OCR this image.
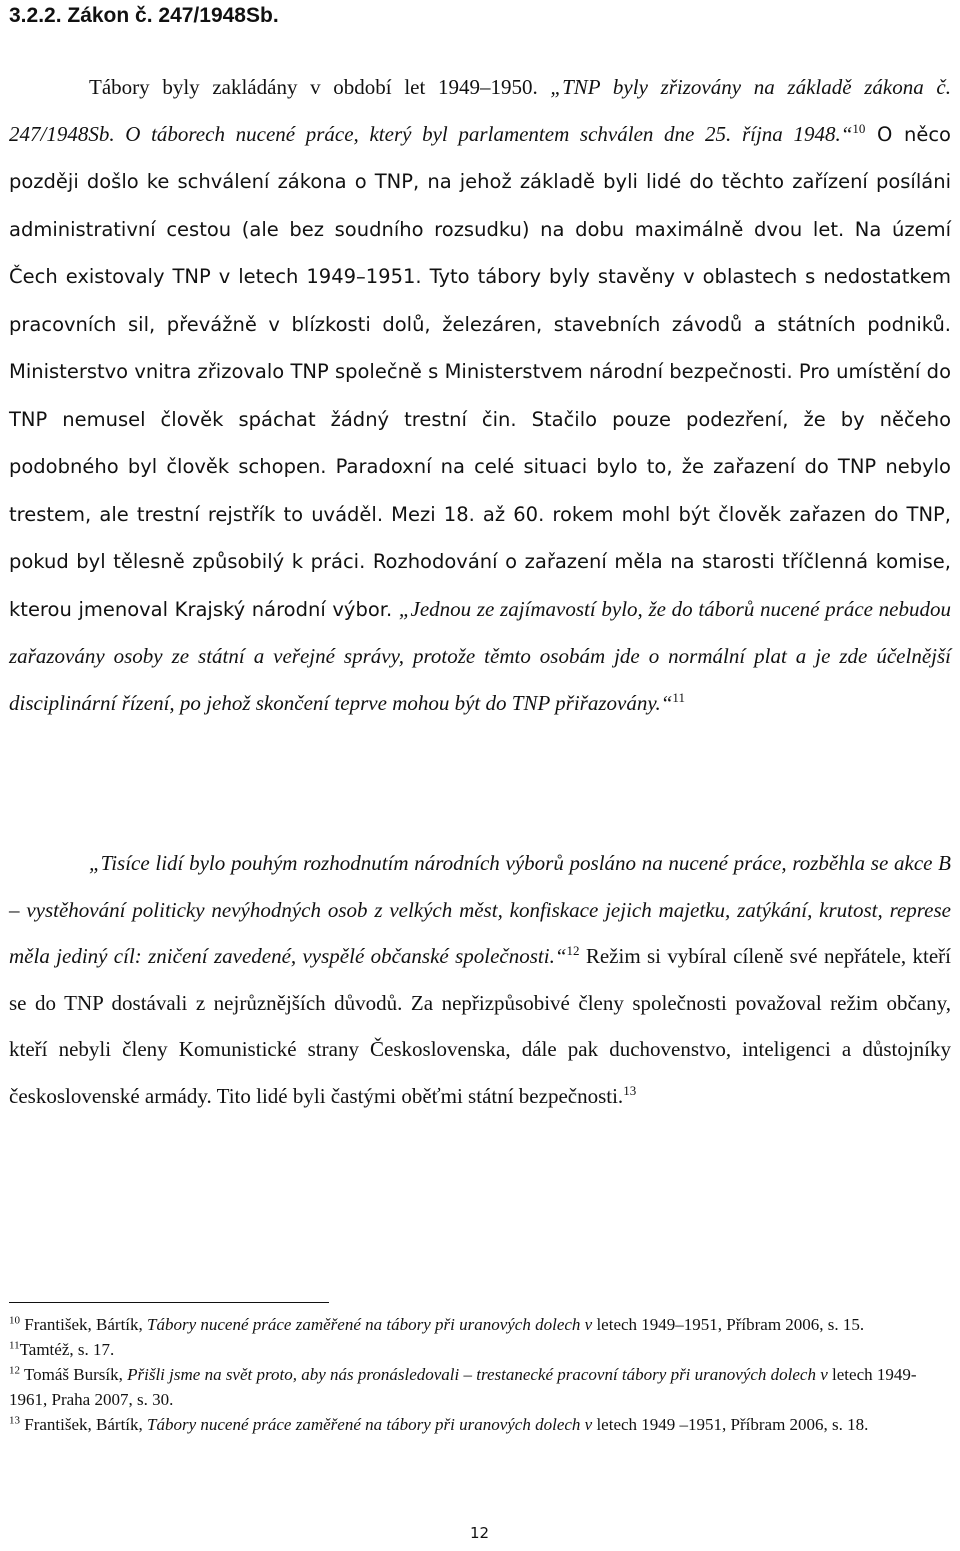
3.2.2. Zákon č. 247/1948Sb.

Tábory byly zakládány v období let 1949–1950. „TNP byly zřizovány na základě zákona č. 247/1948Sb. O táborech nucené práce, který byl parlamentem schválen dne 25. října 1948.“$^{10}$ O něco později došlo ke schválení zákona o TNP, na jehož základě byli lidé do těchto zařízení posíláni administrativní cestou (ale bez soudního rozsudku) na dobu maximálně dvou let. Na území Čech existovaly TNP v letech 1949–1951. Tyto tábory byly stavěny v oblastech s nedostatkem pracovních sil, převážně v blízkosti dolů, železáren, stavebních závodů a státních podniků. Ministerstvo vnitra zřizovalo TNP společně s Ministerstvem národní bezpečnosti. Pro umístění do TNP nemusel člověk spáchat žádný trestní čin. Stačilo pouze podezření, že by něčeho podobného byl člověk schopen. Paradoxní na celé situaci bylo to, že zařazení do TNP nebylo trestem, ale trestní rejstřík to uváděl. Mezi 18. až 60. rokem mohl být člověk zařazen do TNP, pokud byl tělesně způsobilý k práci. Rozhodování o zařazení měla na starosti tříčlenná komise, kterou jmenoval Krajský národní výbor. „Jednou ze zajímavostí bylo, že do táborů nucené práce nebudou zařazovány osoby ze státní a veřejné správy, protože těmto osobám jde o normální plat a je zde účelnější disciplinární řízení, po jehož skončení teprve mohou být do TNP přiřazovány.“$^{11}$

„Tisíce lidí bylo pouhým rozhodnutím národních výborů posláno na nucené práce, rozběhla se akce B – vystěhování politicky nevýhodných osob z velkých měst, konfiskace jejich majetku, zatýkání, krutost, represe měla jediný cíl: zničení zavedené, vyspělé občanské společnosti.“$^{12}$ Režim si vybíral cíleně své nepřátele, kteří se do TNP dostávali z nejrůznějších důvodů. Za nepřizpůsobivé členy společnosti považoval režim občany, kteří nebyli členy Komunistické strany Československa, dále pak duchovenstvo, inteligenci a důstojníky československé armády. Tito lidé byli častými oběťmi státní bezpečnosti.$^{13}$

$^{10}$ František, Bártík, Tábory nucené práce zaměřené na tábory při uranových dolech v letech 1949–1951, Příbram 2006, s. 15.

$^{11}$Tamtéž, s. 17.

$^{12}$ Tomáš Bursík, Přišli jsme na svět proto, aby nás pronásledovali – trestanecké pracovní tábory při uranových dolech v letech 1949-1961, Praha 2007, s. 30.

$^{13}$ František, Bártík, Tábory nucené práce zaměřené na tábory při uranových dolech v letech 1949 –1951, Příbram 2006, s. 18.

12
